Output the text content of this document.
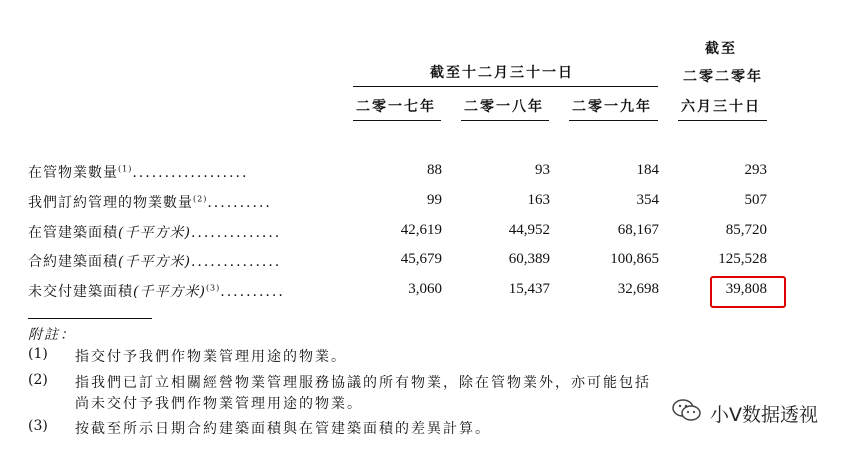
截至十二月三十一日
截至
二零二零年
二零一七年 二零一八年 二零一九年 六月三十日
在管物業數量$^{(1)}$..................	88	93	184	293
我們訂約管理的物業數量$^{(2)}$..........	99	163	354	507
在管建築面積(千平方米)..............	42,619	44,952	68,167	85,720
合約建築面積(千平方米)..............	45,679	60,389	100,865	125,528
未交付建築面積(千平方米)$^{(3)}$..........	3,060	15,437	32,698	39,808
附註：
(1) 指交付予我們作物業管理用途的物業。
(2) 指我們已訂立相關經營物業管理服務協議的所有物業，除在管物業外，亦可能包括
尚未交付予我們作物業管理用途的物業。
(3) 按截至所示日期合約建築面積與在管建築面積的差異計算。
小V数据透视
